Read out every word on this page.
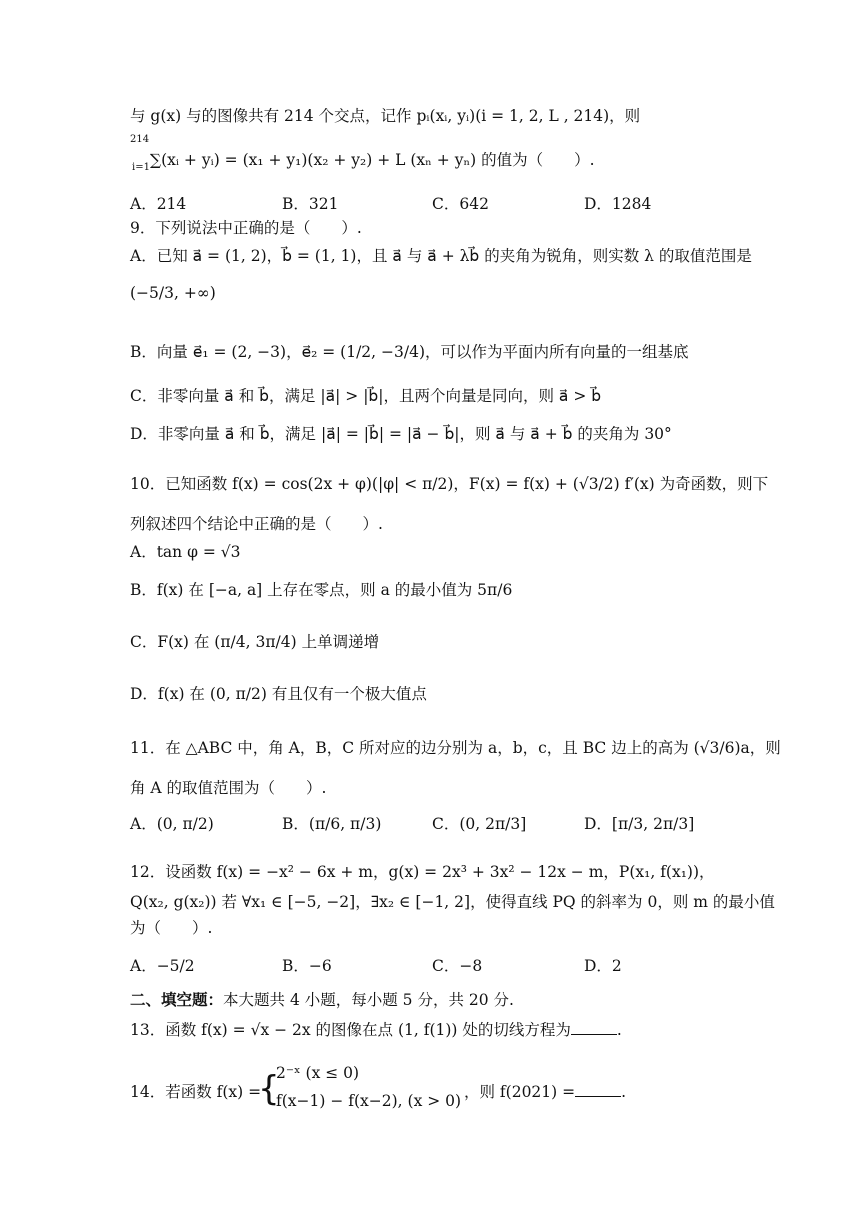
与 g(x) 与的图像共有 214 个交点，记作 pᵢ(xᵢ, yᵢ)(i = 1, 2, L , 214)，则
214
i=1 ∑(xᵢ + yᵢ) = (x₁ + y₁)(x₂ + y₂) + L (xₙ + yₙ) 的值为（　　）.
A．214	B．321	C．642	D．1284
9．下列说法中正确的是（　　）.
A．已知 a⃗ = (1, 2)，b⃗ = (1, 1)，且 a⃗ 与 a⃗ + λb⃗ 的夹角为锐角，则实数 λ 的取值范围是
(−5/3, +∞)
B．向量 e⃗₁ = (2, −3)，e⃗₂ = (1/2, −3/4)，可以作为平面内所有向量的一组基底
C．非零向量 a⃗ 和 b⃗，满足 |a⃗| > |b⃗|，且两个向量是同向，则 a⃗ > b⃗
D．非零向量 a⃗ 和 b⃗，满足 |a⃗| = |b⃗| = |a⃗ − b⃗|，则 a⃗ 与 a⃗ + b⃗ 的夹角为 30°
10．已知函数 f(x) = cos(2x + φ)(|φ| < π/2)，F(x) = f(x) + (√3/2) f′(x) 为奇函数，则下
列叙述四个结论中正确的是（　　）.
A．tan φ = √3
B．f(x) 在 [−a, a] 上存在零点，则 a 的最小值为 5π/6
C．F(x) 在 (π/4, 3π/4) 上单调递增
D．f(x) 在 (0, π/2) 有且仅有一个极大值点
11．在 △ABC 中，角 A，B，C 所对应的边分别为 a，b，c，且 BC 边上的高为 (√3/6)a，则
角 A 的取值范围为（　　）.
A．(0, π/2)	B．(π/6, π/3)	C．(0, 2π/3]	D．[π/3, 2π/3]
12．设函数 f(x) = −x² − 6x + m，g(x) = 2x³ + 3x² − 12x − m，P(x₁, f(x₁))，
Q(x₂, g(x₂)) 若 ∀x₁ ∈ [−5, −2]，∃x₂ ∈ [−1, 2]，使得直线 PQ 的斜率为 0，则 m 的最小值
为（　　）.
A．−5/2	B．−6	C．−8	D．2
二、填空题：本大题共 4 小题，每小题 5 分，共 20 分.
13．函数 f(x) = √x − 2x 的图像在点 (1, f(1)) 处的切线方程为	.
14．若函数 f(x) =
{
2⁻ˣ (x ≤ 0)
f(x−1) − f(x−2), (x > 0) ，则 f(2021) =	.
